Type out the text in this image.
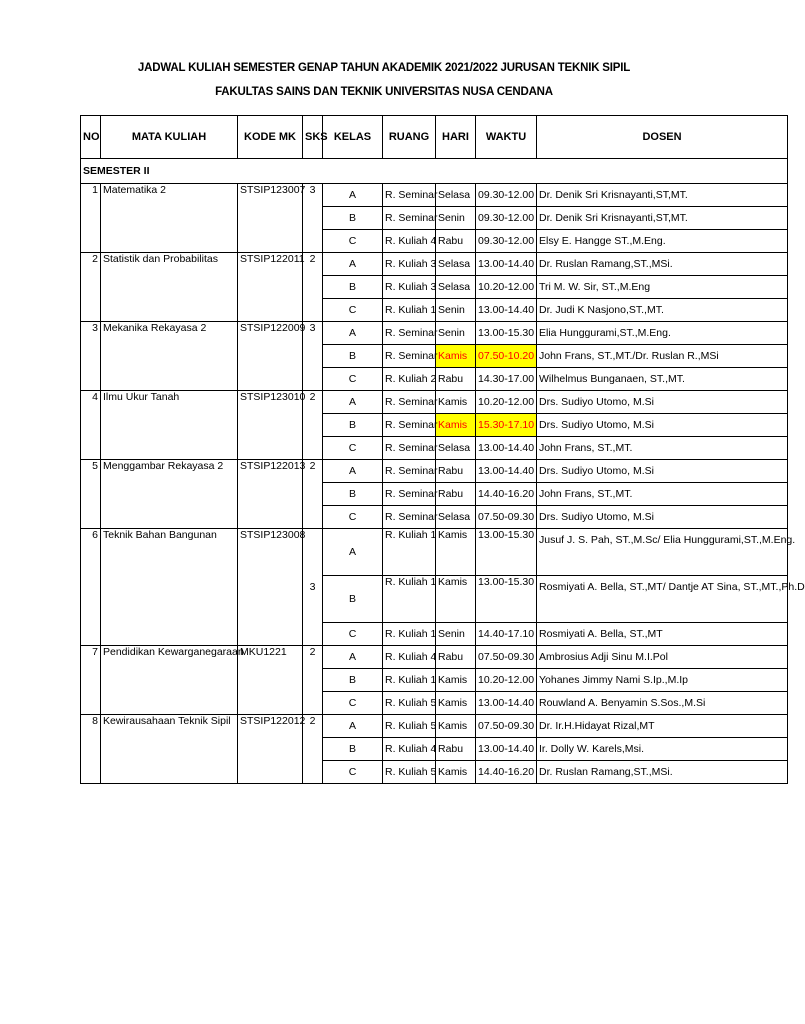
JADWAL KULIAH SEMESTER GENAP TAHUN AKADEMIK 2021/2022 JURUSAN TEKNIK SIPIL
FAKULTAS SAINS DAN TEKNIK UNIVERSITAS NUSA CENDANA
NO	MATA KULIAH	KODE MK	SKS	KELAS	RUANG	HARI	WAKTU	DOSEN
SEMESTER II								
1	Matematika 2	STSIP123007	3	A	R. Seminar	Selasa	09.30-12.00	Dr. Denik Sri Krisnayanti,ST,MT.
				B	R. Seminar	Senin	09.30-12.00	Dr. Denik Sri Krisnayanti,ST,MT.
				C	R. Kuliah 4	Rabu	09.30-12.00	Elsy E. Hangge ST.,M.Eng.
2	Statistik dan Probabilitas	STSIP122011	2	A	R. Kuliah 3	Selasa	13.00-14.40	Dr. Ruslan Ramang,ST.,MSi.
				B	R. Kuliah 3	Selasa	10.20-12.00	Tri M. W. Sir, ST.,M.Eng
				C	R. Kuliah 1	Senin	13.00-14.40	Dr. Judi K Nasjono,ST.,MT.
3	Mekanika Rekayasa 2	STSIP122009	3	A	R. Seminar	Senin	13.00-15.30	Elia Hunggurami,ST.,M.Eng.
				B	R. Seminar	Kamis	07.50-10.20	John Frans, ST.,MT./Dr. Ruslan R.,MSi
				C	R. Kuliah 2	Rabu	14.30-17.00	Wilhelmus Bunganaen, ST.,MT.
4	Ilmu Ukur Tanah	STSIP123010	2	A	R. Seminar	Kamis	10.20-12.00	Drs. Sudiyo Utomo, M.Si
				B	R. Seminar	Kamis	15.30-17.10	Drs. Sudiyo Utomo, M.Si
				C	R. Seminar	Selasa	13.00-14.40	John Frans, ST.,MT.
5	Menggambar Rekayasa 2	STSIP122013	2	A	R. Seminar	Rabu	13.00-14.40	Drs. Sudiyo Utomo, M.Si
				B	R. Seminar	Rabu	14.40-16.20	John Frans, ST.,MT.
				C	R. Seminar	Selasa	07.50-09.30	Drs. Sudiyo Utomo, M.Si
6	Teknik Bahan Bangunan	STSIP123008	3	A	R. Kuliah 1	Kamis	13.00-15.30	Jusuf J. S. Pah, ST.,M.Sc/ Elia Hunggurami,ST.,M.Eng.
				B	R. Kuliah 1	Kamis	13.00-15.30	Rosmiyati A. Bella, ST.,MT/ Dantje AT Sina, ST.,MT.,Ph.D
				C	R. Kuliah 1	Senin	14.40-17.10	Rosmiyati A. Bella, ST.,MT
7	Pendidikan Kewarganegaraan	MKU1221	2	A	R. Kuliah 4	Rabu	07.50-09.30	Ambrosius Adji Sinu M.I.Pol
				B	R. Kuliah 1	Kamis	10.20-12.00	Yohanes Jimmy Nami S.Ip.,M.Ip
				C	R. Kuliah 5	Kamis	13.00-14.40	Rouwland A. Benyamin S.Sos.,M.Si
8	Kewirausahaan Teknik Sipil	STSIP122012	2	A	R. Kuliah 5	Kamis	07.50-09.30	Dr. Ir.H.Hidayat Rizal,MT
				B	R. Kuliah 4	Rabu	13.00-14.40	Ir. Dolly W. Karels,Msi.
				C	R. Kuliah 5	Kamis	14.40-16.20	Dr. Ruslan Ramang,ST.,MSi.
